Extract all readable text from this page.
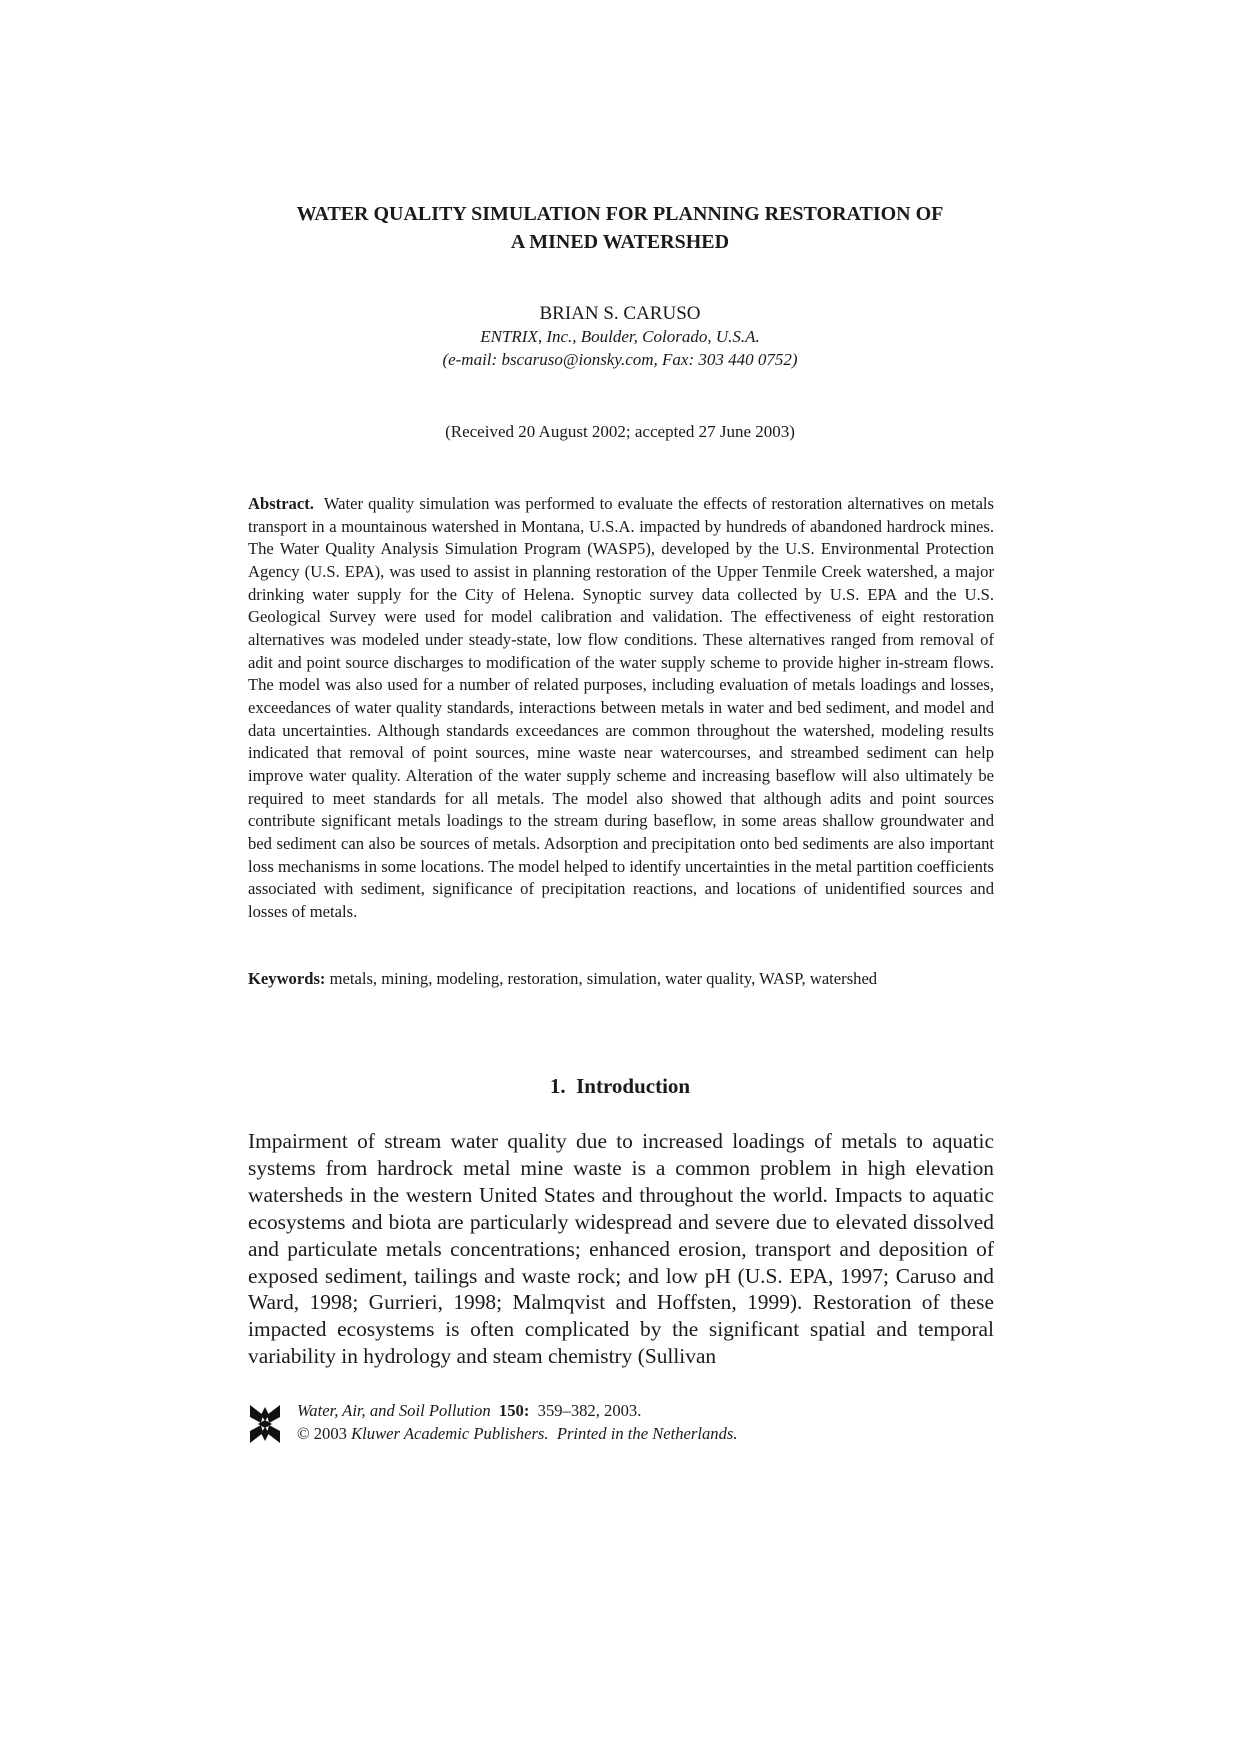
WATER QUALITY SIMULATION FOR PLANNING RESTORATION OF
A MINED WATERSHED
BRIAN S. CARUSO
ENTRIX, Inc., Boulder, Colorado, U.S.A.
(e-mail: bscaruso@ionsky.com, Fax: 303 440 0752)
(Received 20 August 2002; accepted 27 June 2003)
Abstract. Water quality simulation was performed to evaluate the effects of restoration alternatives on metals transport in a mountainous watershed in Montana, U.S.A. impacted by hundreds of abandoned hardrock mines. The Water Quality Analysis Simulation Program (WASP5), developed by the U.S. Environmental Protection Agency (U.S. EPA), was used to assist in planning restoration of the Upper Tenmile Creek watershed, a major drinking water supply for the City of Helena. Synoptic survey data collected by U.S. EPA and the U.S. Geological Survey were used for model calibration and validation. The effectiveness of eight restoration alternatives was modeled under steady-state, low flow conditions. These alternatives ranged from removal of adit and point source discharges to modification of the water supply scheme to provide higher in-stream flows. The model was also used for a number of related purposes, including evaluation of metals loadings and losses, exceedances of water quality standards, interactions between metals in water and bed sediment, and model and data uncertainties. Although standards exceedances are common throughout the watershed, modeling results indicated that removal of point sources, mine waste near watercourses, and streambed sediment can help improve water quality. Alteration of the water supply scheme and increasing baseflow will also ultimately be required to meet standards for all metals. The model also showed that although adits and point sources contribute significant metals loadings to the stream during baseflow, in some areas shallow groundwater and bed sediment can also be sources of metals. Adsorption and precipitation onto bed sediments are also important loss mechanisms in some locations. The model helped to identify uncertainties in the metal partition coefficients associated with sediment, significance of precipitation reactions, and locations of unidentified sources and losses of metals.
Keywords: metals, mining, modeling, restoration, simulation, water quality, WASP, watershed
1. Introduction
Impairment of stream water quality due to increased loadings of metals to aquatic systems from hardrock metal mine waste is a common problem in high elevation watersheds in the western United States and throughout the world. Impacts to aquatic ecosystems and biota are particularly widespread and severe due to elevated dissolved and particulate metals concentrations; enhanced erosion, transport and deposition of exposed sediment, tailings and waste rock; and low pH (U.S. EPA, 1997; Caruso and Ward, 1998; Gurrieri, 1998; Malmqvist and Hoffsten, 1999). Restoration of these impacted ecosystems is often complicated by the significant spatial and temporal variability in hydrology and steam chemistry (Sullivan
Water, Air, and Soil Pollution 150: 359–382, 2003.
© 2003 Kluwer Academic Publishers. Printed in the Netherlands.
